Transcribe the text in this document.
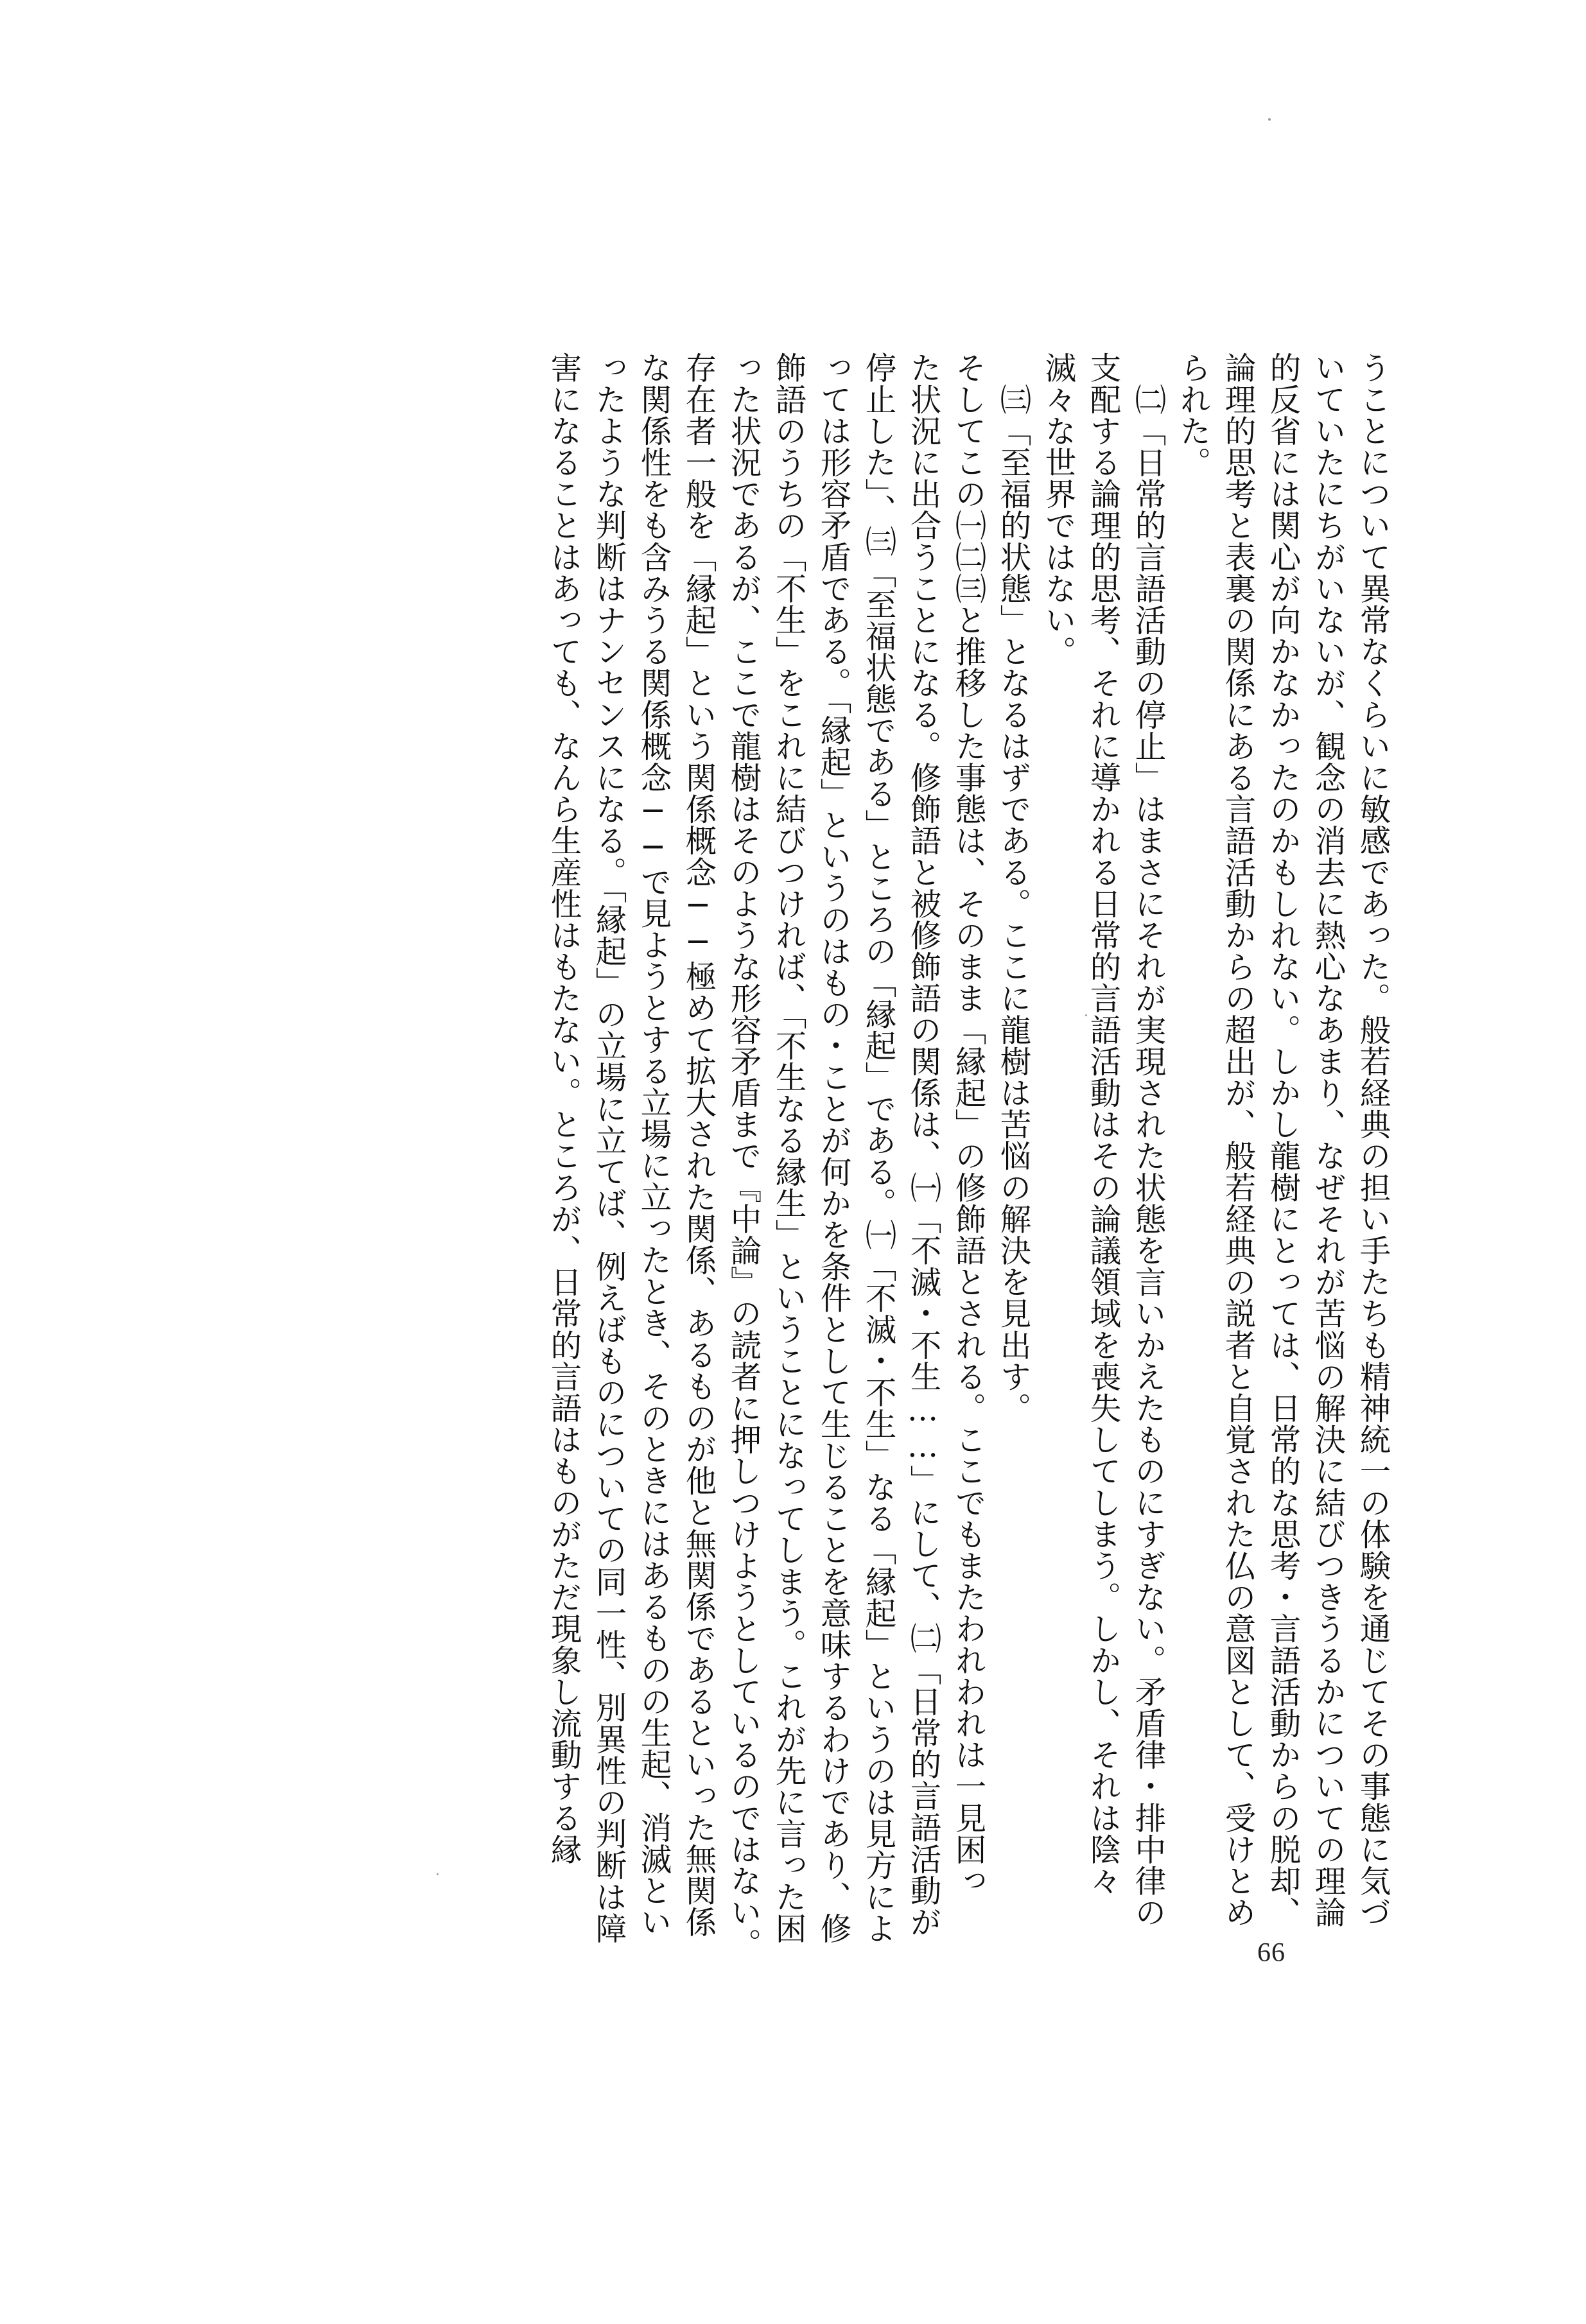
うことについて異常なくらいに敏感であった。般若経典の担い手たちも精神統一の体験を通じてその事態に気づ
いていたにちがいないが、観念の消去に熱心なあまり、なぜそれが苦悩の解決に結びつきうるかについての理論
的反省には関心が向かなかったのかもしれない。しかし龍樹にとっては、日常的な思考・言語活動からの脱却、
論理的思考と表裏の関係にある言語活動からの超出が、般若経典の説者と自覚された仏の意図として、受けとめ
られた。
　㈡「日常的言語活動の停止」はまさにそれが実現された状態を言いかえたものにすぎない。矛盾律・排中律の
支配する論理的思考、それに導かれる日常的言語活動はその論議領域を喪失してしまう。しかし、それは陰々
滅々な世界ではない。
　㈢「至福的状態」となるはずである。ここに龍樹は苦悩の解決を見出す。
そしてこの㈠㈡㈢と推移した事態は、そのまま「縁起」の修飾語とされる。ここでもまたわれわれは一見困っ
た状況に出合うことになる。修飾語と被修飾語の関係は、㈠「不滅・不生……」にして、㈡「日常的言語活動が
停止した」、㈢「至福状態である」ところの「縁起」である。㈠「不滅・不生」なる「縁起」というのは見方によ
っては形容矛盾である。「縁起」というのはもの・ことが何かを条件として生じることを意味するわけであり、修
飾語のうちの「不生」をこれに結びつければ、「不生なる縁生」ということになってしまう。これが先に言った困
った状況であるが、ここで龍樹はそのような形容矛盾まで『中論』の読者に押しつけようとしているのではない。
存在者一般を「縁起」という関係概念──極めて拡大された関係、あるものが他と無関係であるといった無関係
な関係性をも含みうる関係概念──で見ようとする立場に立ったとき、そのときにはあるものの生起、消滅とい
ったような判断はナンセンスになる。「縁起」の立場に立てば、例えばものについての同一性、別異性の判断は障
害になることはあっても、なんら生産性はもたない。ところが、日常的言語はものがただ現象し流動する縁
66
